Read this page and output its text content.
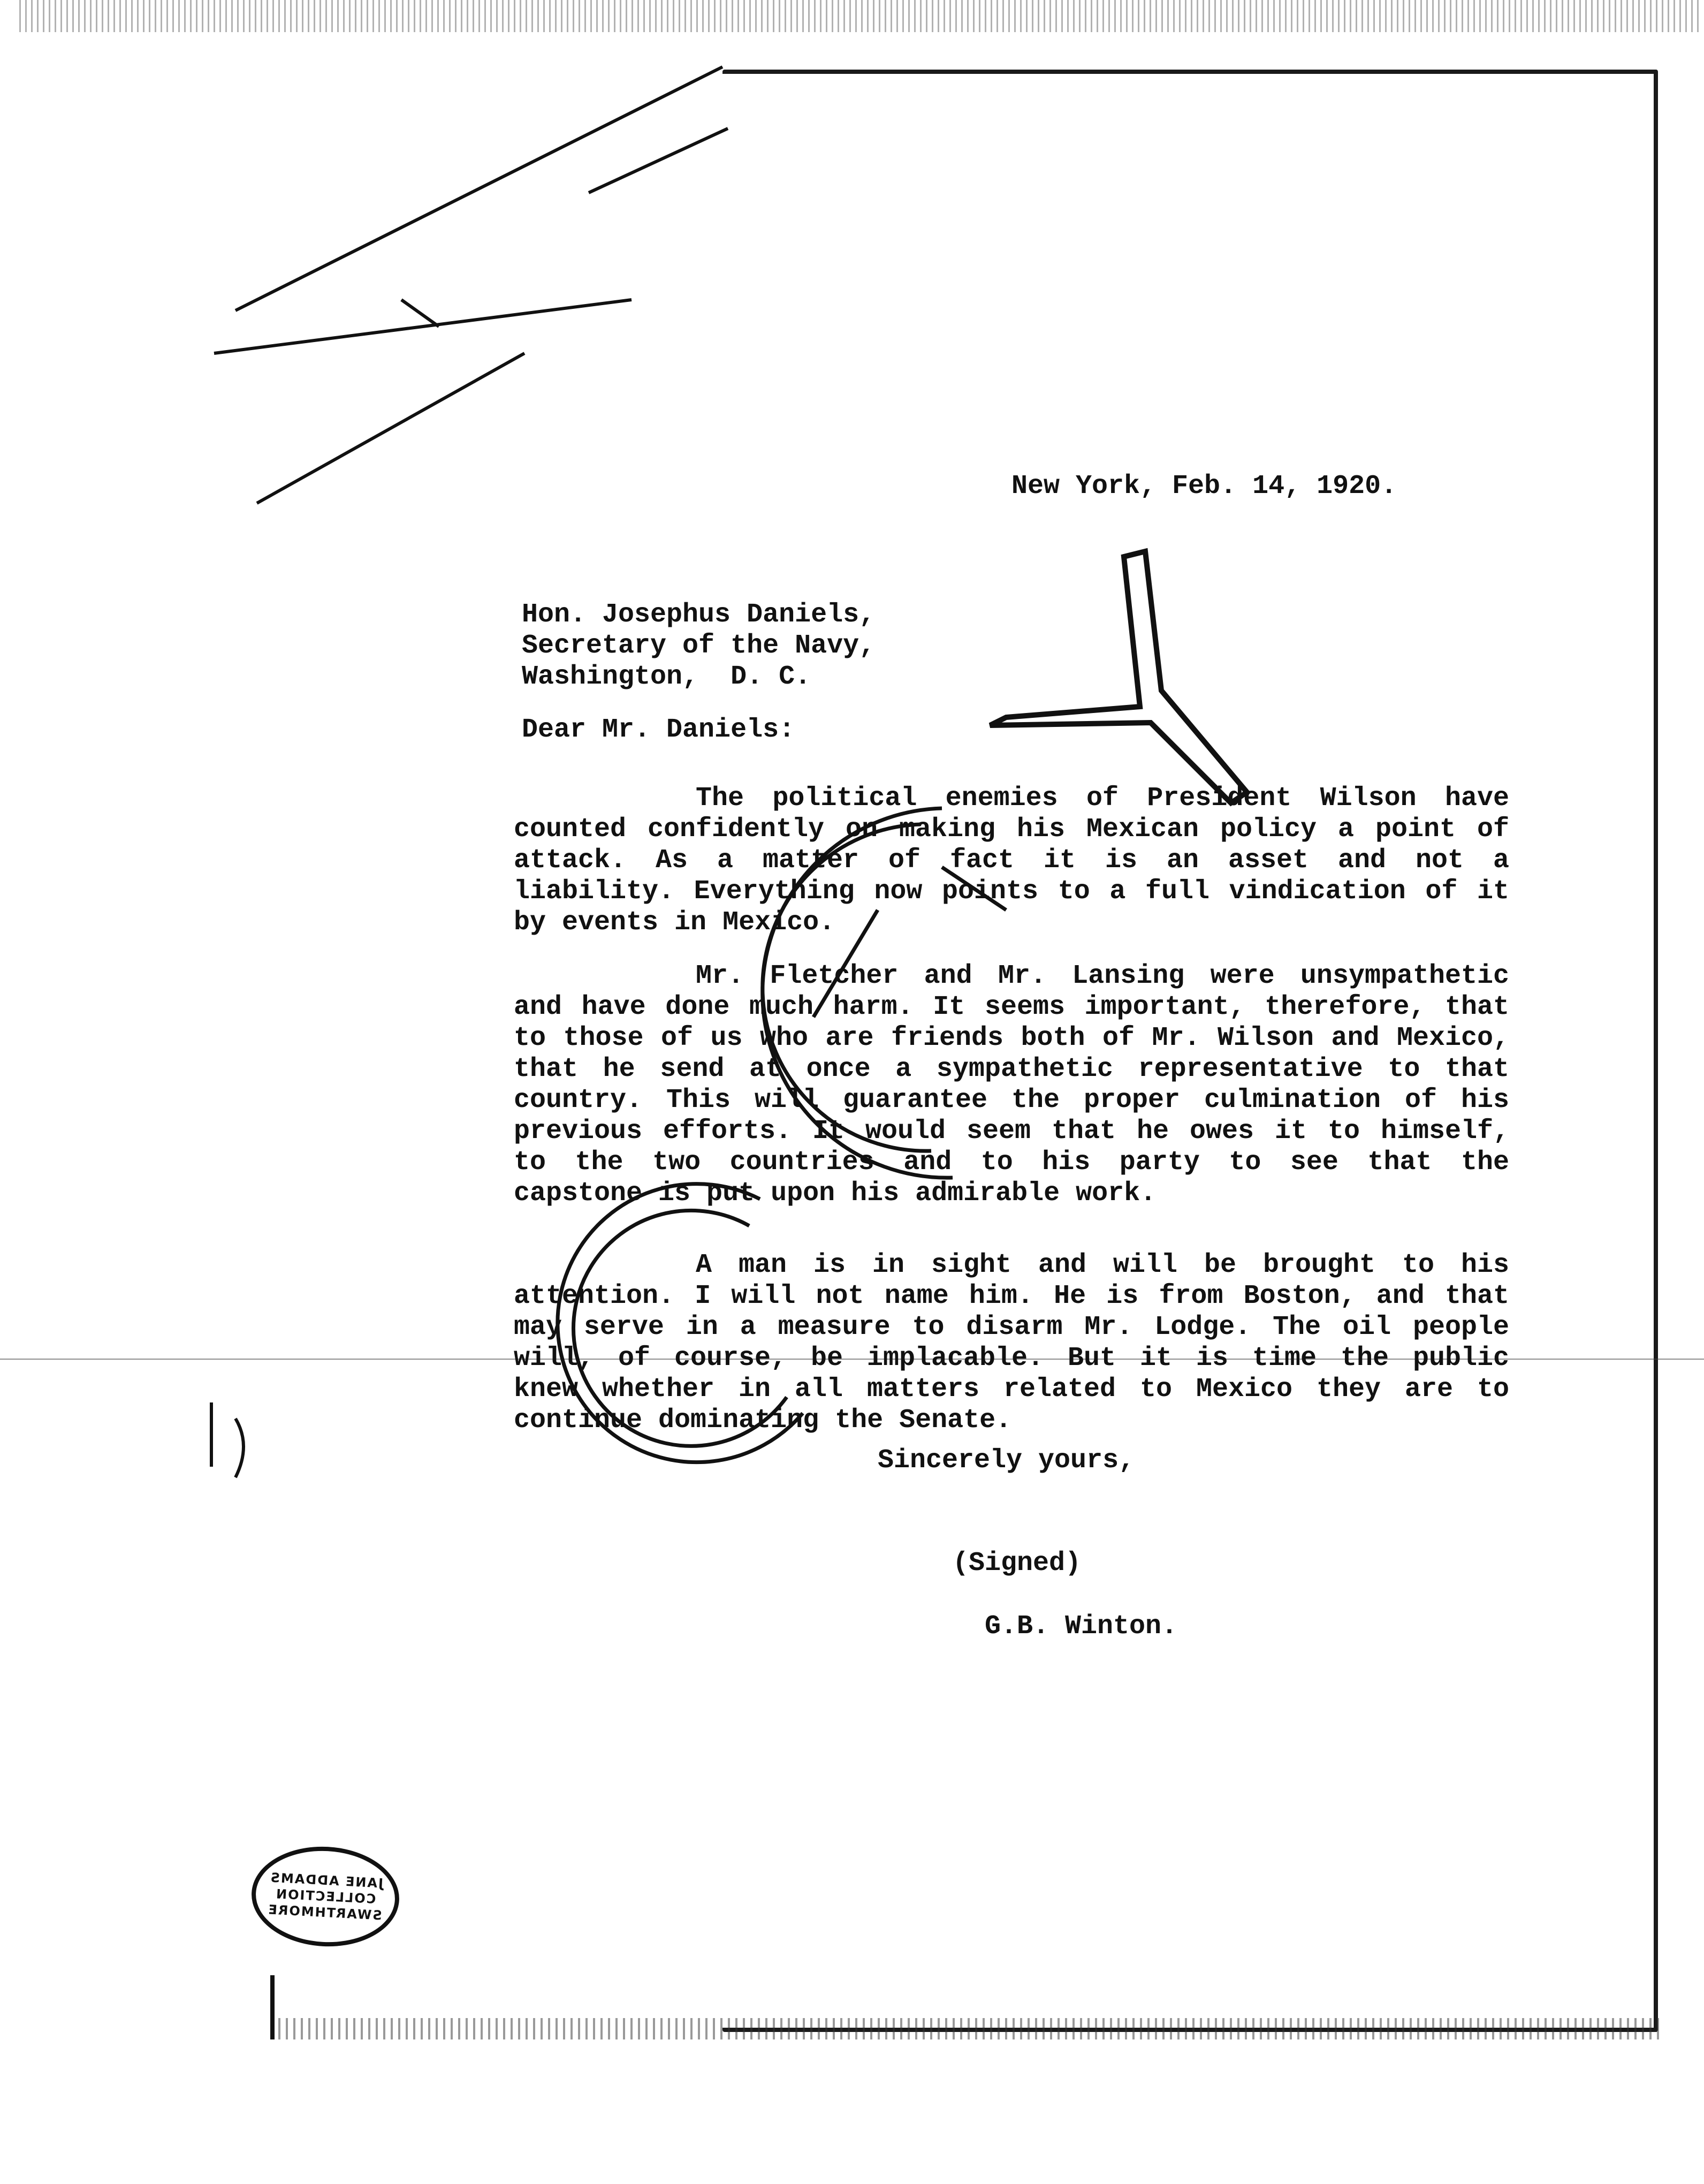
New York, Feb. 14, 1920.
Hon. Josephus Daniels,
Secretary of the Navy,
Washington,  D. C.
Dear Mr. Daniels:
The political enemies of President Wilson have counted confidently on making his Mexican policy a point of attack. As a matter of fact it is an asset and not a liability. Everything now points to a full vindication of it by events in Mexico.
Mr. Fletcher and Mr. Lansing were unsympathetic and have done much harm. It seems important, therefore, that to those of us who are friends both of Mr. Wilson and Mexico, that he send at once a sympathetic representative to that country. This will guarantee the proper culmination of his previous efforts. It would seem that he owes it to himself, to the two countries and to his party to see that the capstone is put upon his admirable work.
A man is in sight and will be brought to his attention. I will not name him. He is from Boston, and that may serve in a measure to disarm Mr. Lodge. The oil people will, of course, be implacable. But it is time the public knew whether in all matters related to Mexico they are to continue dominating the Senate.
Sincerely yours,
(Signed)
G.B. Winton.
JANE ADDAMS
COLLECTION
SWARTHMORE
